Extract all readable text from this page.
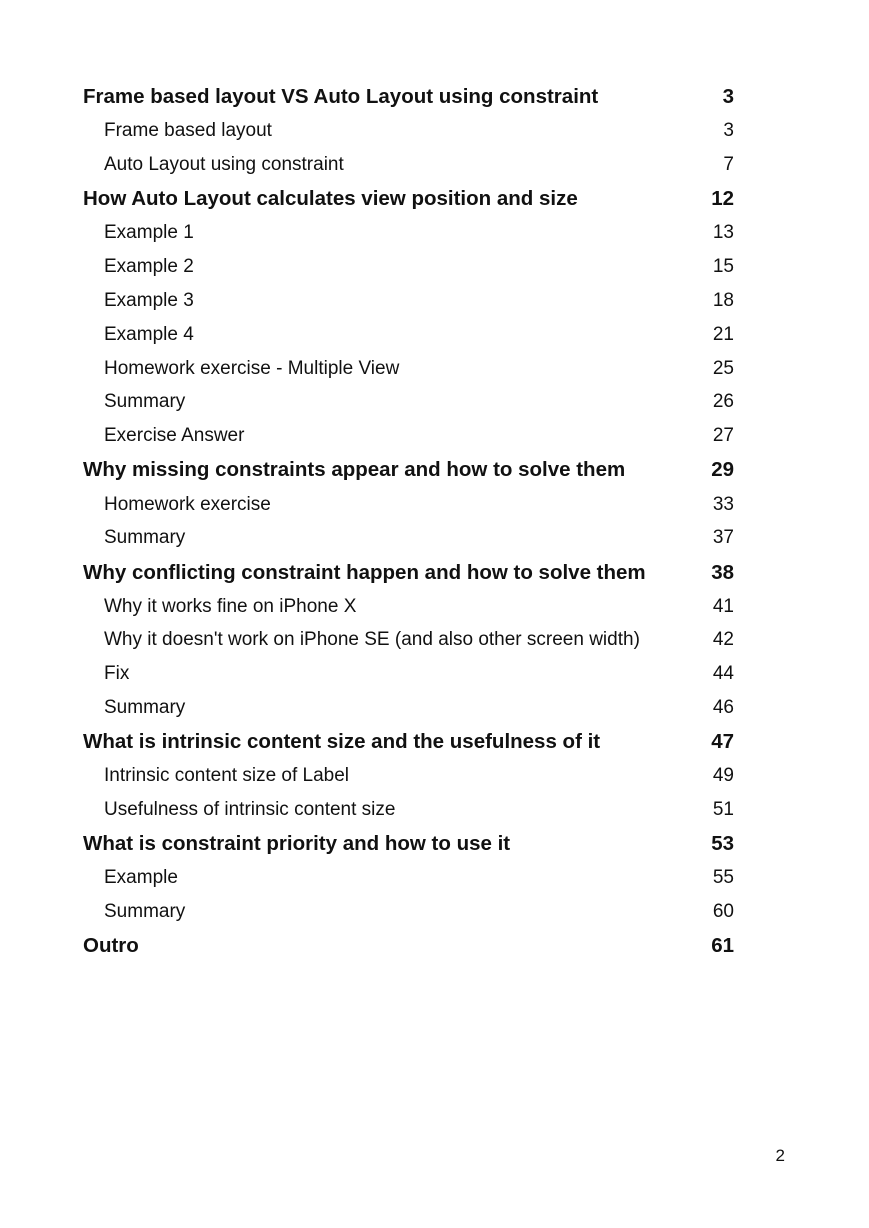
Frame based layout VS Auto Layout using constraint	3
Frame based layout	3
Auto Layout using constraint	7
How Auto Layout calculates view position and size	12
Example 1	13
Example 2	15
Example 3	18
Example 4	21
Homework exercise - Multiple View	25
Summary	26
Exercise Answer	27
Why missing constraints appear and how to solve them	29
Homework exercise	33
Summary	37
Why conflicting constraint happen and how to solve them	38
Why it works fine on iPhone X	41
Why it doesn't work on iPhone SE (and also other screen width)	42
Fix	44
Summary	46
What is intrinsic content size and the usefulness of it	47
Intrinsic content size of Label	49
Usefulness of intrinsic content size	51
What is constraint priority and how to use it	53
Example	55
Summary	60
Outro	61
2
